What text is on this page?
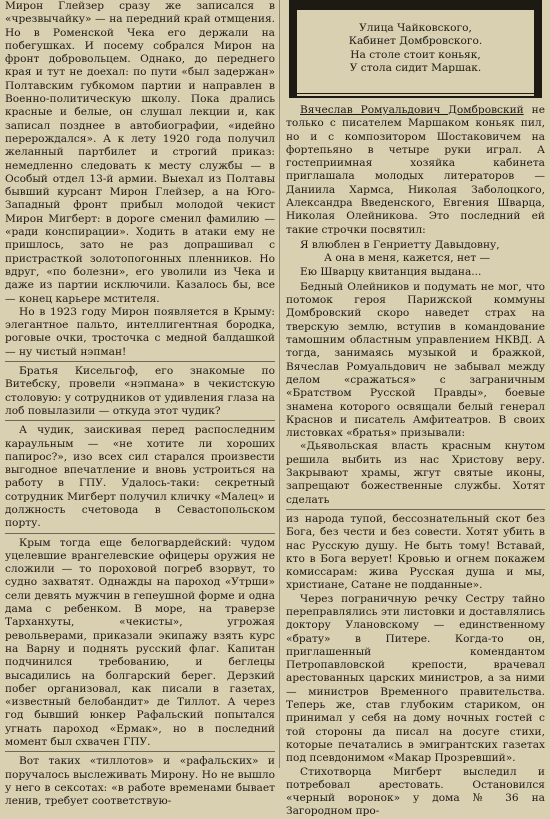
Мирон Глейзер сразу же записался в «чрезвычайку» — на передний край отмщения. Но в Роменской Чека его держали на побегушках. И посему собрался Мирон на фронт добровольцем. Однако, до переднего края и тут не доехал: по пути «был задержан» Полтавским губкомом партии и направлен в Военно-политическую школу. Пока дрались красные и белые, он слушал лекции и, как записал позднее в автобиографии, «идейно перерождался». А к лету 1920 года получил желанный партбилет и строгий приказ: немедленно следовать к месту службы — в Особый отдел 13-й армии. Выехал из Полтавы бывший курсант Мирон Глейзер, а на Юго-Западный фронт прибыл молодой чекист Мирон Мигберт: в дороге сменил фамилию — «ради конспирации». Ходить в атаки ему не пришлось, зато не раз допрашивал с пристрасткой золотопогонных пленников. Но вдруг, «по болезни», его уволили из Чека и даже из партии исключили. Казалось бы, все — конец карьере мстителя.

Но в 1923 году Мирон появляется в Крыму: элегантное пальто, интеллигентная бородка, роговые очки, тросточка с медной балдашкой — ну чистый нэпман!

Братья Кисельгоф, его знакомые по Витебску, провели «нэпмана» в чекистскую столовую: у сотрудников от удивления глаза на лоб повылазили — откуда этот чудик?

А чудик, заискивая перед распоследним караульным — «не хотите ли хороших папирос?», изо всех сил старался произвести выгодное впечатление и вновь устроиться на работу в ГПУ. Удалось-таки: секретный сотрудник Мигберт получил кличку «Малец» и должность счетовода в Севастопольском порту.

Крым тогда еще белогвардейский: чудом уцелевшие врангелевские офицеры оружия не сложили — то пороховой погреб взорвут, то судно захватят. Однажды на пароход «Утрши» сели девять мужчин в гепеушной форме и одна дама с ребенком. В море, на траверзе Тарханхуты, «чекисты», угрожая револьверами, приказали экипажу взять курс на Варну и поднять русский флаг. Капитан подчинился требованию, и беглецы высадились на болгарский берег. Дерзкий побег организовал, как писали в газетах, «известный белобандит» де Тиллот. А через год бывший юнкер Рафальский попытался угнать пароход «Ермак», но в последний момент был схвачен ГПУ.

Вот таких «тиллотов» и «рафальских» и поручалось выслеживать Мирону. Но не вышло у него в сексотах: «в работе временами бывает ленив, требует соответствую-

Улица Чайковского,
Кабинет Домбровского.
На столе стоит коньяк,
У стола сидит Маршак.

Вячеслав Ромуальдович Домбровский не только с писателем Маршаком коньяк пил, но и с композитором Шостаковичем на фортепьяно в четыре руки играл. А гостеприимная хозяйка кабинета приглашала молодых литераторов — Даниила Хармса, Николая Заболоцкого, Александра Введенского, Евгения Шварца, Николая Олейникова. Это последний ей такие строчки посвятил:

Я влюблен в Генриетту Давыдовну,
А она в меня, кажется, нет —
Ею Шварцу квитанция выдана...

Бедный Олейников и подумать не мог, что потомок героя Парижской коммуны Домбровский скоро наведет страх на тверскую землю, вступив в командование тамошним областным управлением НКВД. А тогда, занимаясь музыкой и бражкой, Вячеслав Ромуальдович не забывал между делом «сражаться» с заграничным «Братством Русской Правды», боевые знамена которого освящали белый генерал Краснов и писатель Амфитеатров. В своих листовках «братья» призывали:

«Дьявольская власть красным кнутом решила выбить из нас Христову веру. Закрывают храмы, жгут святые иконы, запрещают божественные службы. Хотят сделать

из народа тупой, бессознательный скот без Бога, без чести и без совести. Хотят убить в нас Русскую душу. Не быть тому! Вставай, кто в Бога верует! Кровью и огнем покажем комиссарам: жива Русская душа и мы, христиане, Сатане не подданные».

Через пограничную речку Сестру тайно переправлялись эти листовки и доставлялись доктору Улановскому — единственному «брату» в Питере. Когда-то он, приглашенный комендантом Петропавловской крепости, врачевал арестованных царских министров, а за ними — министров Временного правительства. Теперь же, став глубоким стариком, он принимал у себя на дому ночных гостей с той стороны да писал на досуге стихи, которые печатались в эмигрантских газетах под псевдонимом «Макар Прозревший».

Стихотворца Мигберт выследил и потребовал арестовать. Остановился «черный воронок» у дома № 36 на Загородном про-
